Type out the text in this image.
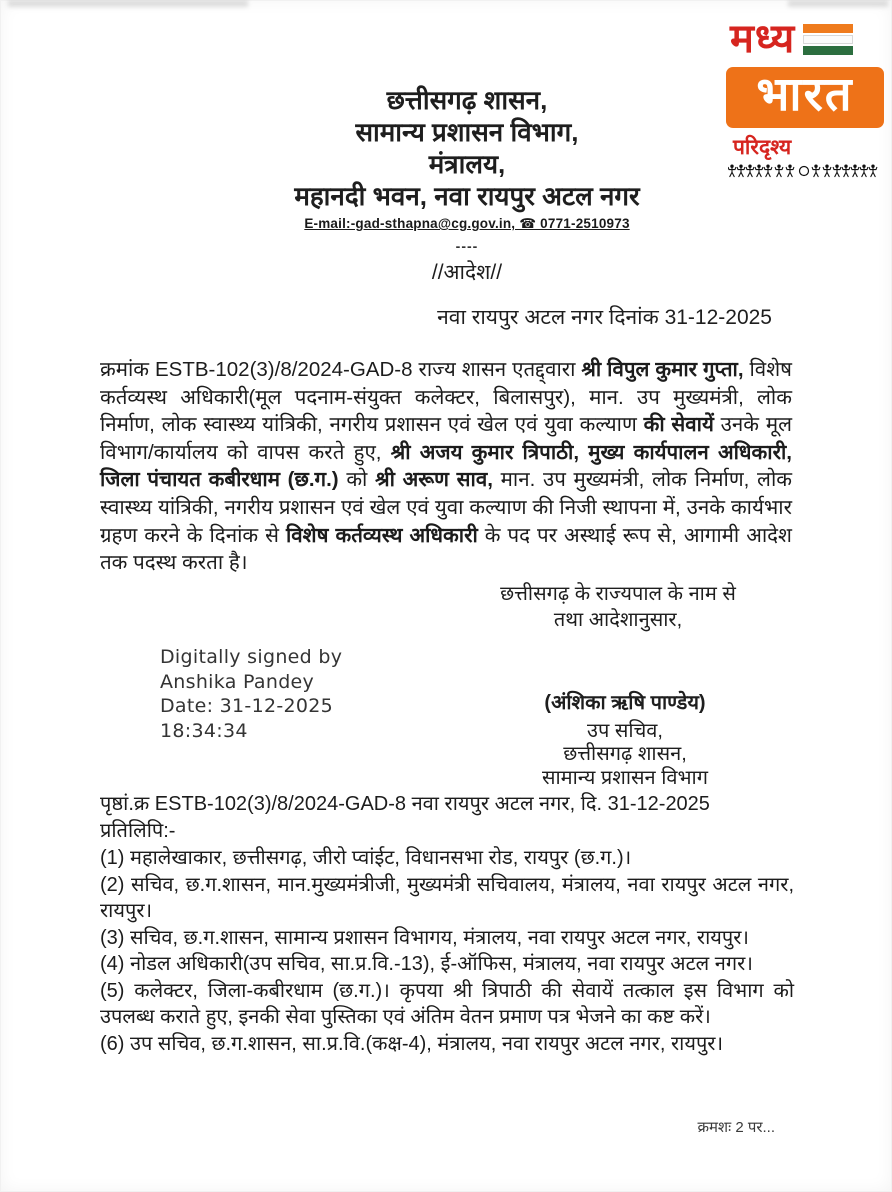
मध्य
भारत
परिदृश्य
छत्तीसगढ़ शासन,
सामान्य प्रशासन विभाग,
मंत्रालय,
महानदी भवन, नवा रायपुर अटल नगर
E-mail:-gad-sthapna@cg.gov.in, ☎ 0771-2510973
----
//आदेश//
नवा रायपुर अटल नगर दिनांक 31-12-2025
क्रमांक ESTB-102(3)/8/2024-GAD-8 राज्य शासन एतद्द्वारा श्री विपुल कुमार गुप्ता, विशेष कर्तव्यस्थ अधिकारी(मूल पदनाम-संयुक्त कलेक्टर, बिलासपुर), मान. उप मुख्यमंत्री, लोक निर्माण, लोक स्वास्थ्य यांत्रिकी, नगरीय प्रशासन एवं खेल एवं युवा कल्याण की सेवायें उनके मूल विभाग/कार्यालय को वापस करते हुए, श्री अजय कुमार त्रिपाठी, मुख्य कार्यपालन अधिकारी, जिला पंचायत कबीरधाम (छ.ग.) को श्री अरूण साव, मान. उप मुख्यमंत्री, लोक निर्माण, लोक स्वास्थ्य यांत्रिकी, नगरीय प्रशासन एवं खेल एवं युवा कल्याण की निजी स्थापना में, उनके कार्यभार ग्रहण करने के दिनांक से विशेष कर्तव्यस्थ अधिकारी के पद पर अस्थाई रूप से, आगामी आदेश तक पदस्थ करता है।
छत्तीसगढ़ के राज्यपाल के नाम से
तथा आदेशानुसार,
Digitally signed by
Anshika Pandey
Date: 31-12-2025
18:34:34
(अंशिका ऋषि पाण्डेय)
उप सचिव,
छत्तीसगढ़ शासन,
सामान्य प्रशासन विभाग
पृष्ठां.क्र ESTB-102(3)/8/2024-GAD-8 नवा रायपुर अटल नगर, दि. 31-12-2025
प्रतिलिपि:-
(1) महालेखाकार, छत्तीसगढ़, जीरो प्वांईट, विधानसभा रोड, रायपुर (छ.ग.)।
(2) सचिव, छ.ग.शासन, मान.मुख्यमंत्रीजी, मुख्यमंत्री सचिवालय, मंत्रालय, नवा रायपुर अटल नगर, रायपुर।
(3) सचिव, छ.ग.शासन, सामान्य प्रशासन विभागय, मंत्रालय, नवा रायपुर अटल नगर, रायपुर।
(4) नोडल अधिकारी(उप सचिव, सा.प्र.वि.-13), ई-ऑफिस, मंत्रालय, नवा रायपुर अटल नगर।
(5) कलेक्टर, जिला-कबीरधाम (छ.ग.)। कृपया श्री त्रिपाठी की सेवायें तत्काल इस विभाग को उपलब्ध कराते हुए, इनकी सेवा पुस्तिका एवं अंतिम वेतन प्रमाण पत्र भेजने का कष्ट करें।
(6) उप सचिव, छ.ग.शासन, सा.प्र.वि.(कक्ष-4), मंत्रालय, नवा रायपुर अटल नगर, रायपुर।
क्रमशः 2 पर...
